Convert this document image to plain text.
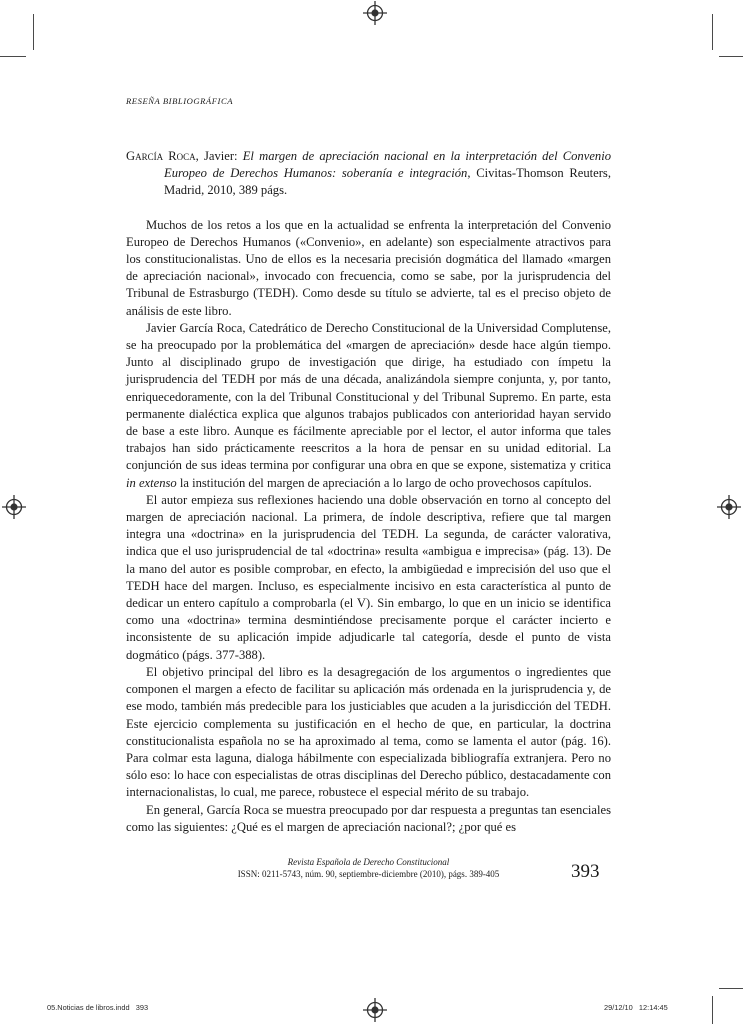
RESEÑA BIBLIOGRÁFICA
García Roca, Javier: El margen de apreciación nacional en la interpretación del Convenio Europeo de Derechos Humanos: soberanía e integración, Civitas-Thomson Reuters, Madrid, 2010, 389 págs.

Muchos de los retos a los que en la actualidad se enfrenta la interpretación del Convenio Europeo de Derechos Humanos («Convenio», en adelante) son especialmente atractivos para los constitucionalistas. Uno de ellos es la necesaria precisión dogmática del llamado «margen de apreciación nacional», invocado con frecuencia, como se sabe, por la jurisprudencia del Tribunal de Estrasburgo (TEDH). Como desde su título se advierte, tal es el preciso objeto de análisis de este libro.

Javier García Roca, Catedrático de Derecho Constitucional de la Universidad Complutense, se ha preocupado por la problemática del «margen de apreciación» desde hace algún tiempo. Junto al disciplinado grupo de investigación que dirige, ha estudiado con ímpetu la jurisprudencia del TEDH por más de una década, analizándola siempre conjunta, y, por tanto, enriquecedoramente, con la del Tribunal Constitucional y del Tribunal Supremo. En parte, esta permanente dialéctica explica que algunos trabajos publicados con anterioridad hayan servido de base a este libro. Aunque es fácilmente apreciable por el lector, el autor informa que tales trabajos han sido prácticamente reescritos a la hora de pensar en su unidad editorial. La conjunción de sus ideas termina por configurar una obra en que se expone, sistematiza y critica in extenso la institución del margen de apreciación a lo largo de ocho provechosos capítulos.

El autor empieza sus reflexiones haciendo una doble observación en torno al concepto del margen de apreciación nacional. La primera, de índole descriptiva, refiere que tal margen integra una «doctrina» en la jurisprudencia del TEDH. La segunda, de carácter valorativa, indica que el uso jurisprudencial de tal «doctrina» resulta «ambigua e imprecisa» (pág. 13). De la mano del autor es posible comprobar, en efecto, la ambigüedad e imprecisión del uso que el TEDH hace del margen. Incluso, es especialmente incisivo en esta característica al punto de dedicar un entero capítulo a comprobarla (el V). Sin embargo, lo que en un inicio se identifica como una «doctrina» termina desmintiéndose precisamente porque el carácter incierto e inconsistente de su aplicación impide adjudicarle tal categoría, desde el punto de vista dogmático (págs. 377-388).

El objetivo principal del libro es la desagregación de los argumentos o ingredientes que componen el margen a efecto de facilitar su aplicación más ordenada en la jurisprudencia y, de ese modo, también más predecible para los justiciables que acuden a la jurisdicción del TEDH. Este ejercicio complementa su justificación en el hecho de que, en particular, la doctrina constitucionalista española no se ha aproximado al tema, como se lamenta el autor (pág. 16). Para colmar esta laguna, dialoga hábilmente con especializada bibliografía extranjera. Pero no sólo eso: lo hace con especialistas de otras disciplinas del Derecho público, destacadamente con internacionalistas, lo cual, me parece, robustece el especial mérito de su trabajo.

En general, García Roca se muestra preocupado por dar respuesta a preguntas tan esenciales como las siguientes: ¿Qué es el margen de apreciación nacional?; ¿por qué es

Revista Española de Derecho Constitucional

ISSN: 0211-5743, núm. 90, septiembre-diciembre (2010), págs. 389-405	393
05.Noticias de libros.indd   393	29/12/10   12:14:45
